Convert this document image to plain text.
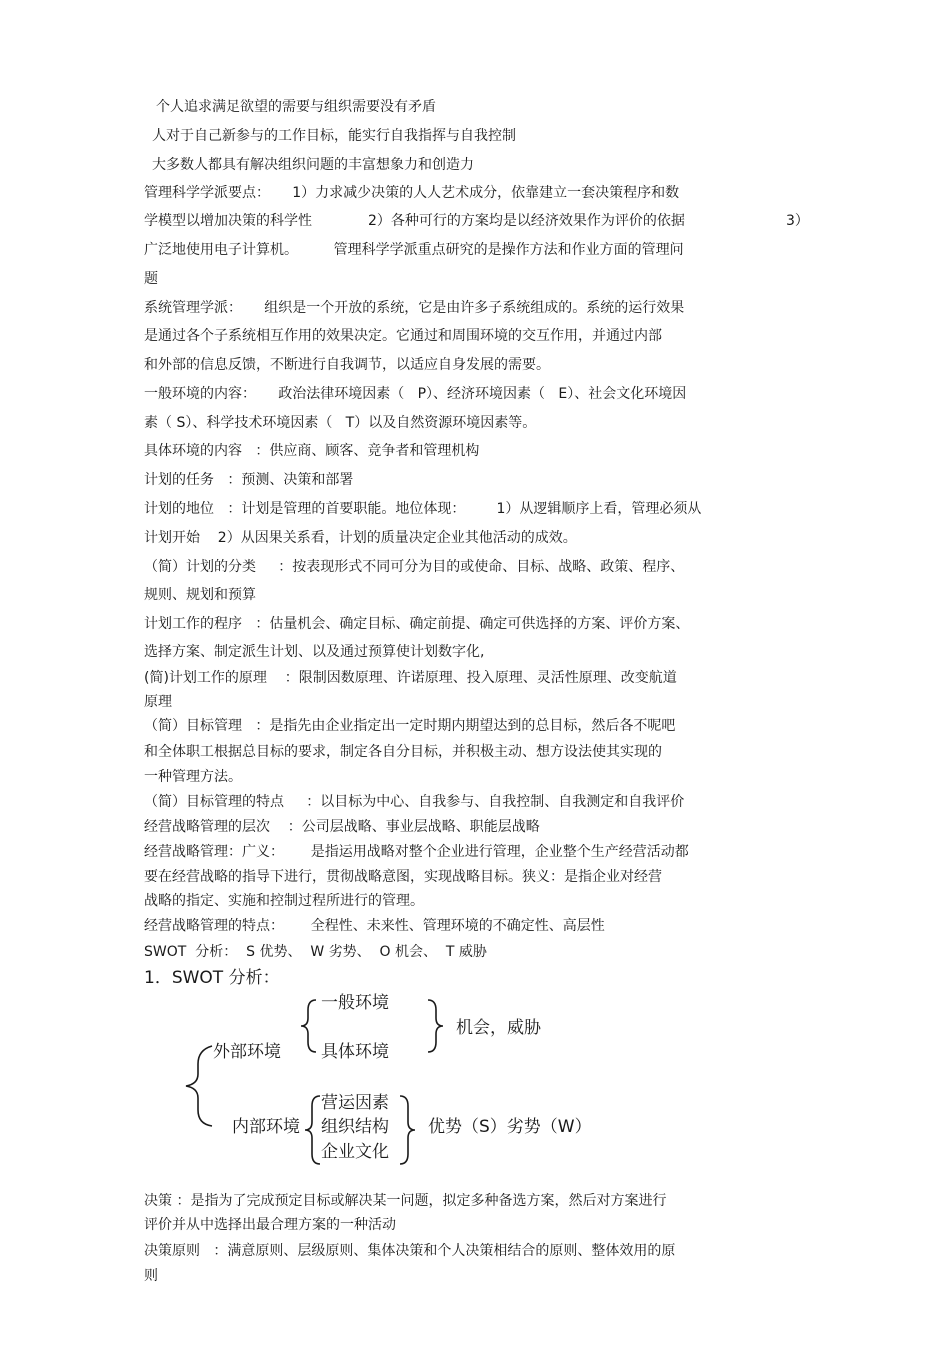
个人追求满足欲望的需要与组织需要没有矛盾
人对于自己新参与的工作目标，能实行自我指挥与自我控制
大多数人都具有解决组织问题的丰富想象力和创造力
管理科学学派要点：     1）力求减少决策的人人艺术成分，依靠建立一套决策程序和数
学模型以增加决策的科学性	2）各种可行的方案均是以经济效果作为评价的依据	3）
广泛地使用电子计算机。        管理科学学派重点研究的是操作方法和作业方面的管理问
题
系统管理学派：     组织是一个开放的系统，它是由许多子系统组成的。系统的运行效果
是通过各个子系统相互作用的效果决定。它通过和周围环境的交互作用，并通过内部
和外部的信息反馈，不断进行自我调节，以适应自身发展的需要。
一般环境的内容：     政治法律环境因素（   P）、经济环境因素（   E）、社会文化环境因
素（ S）、科学技术环境因素（   T）以及自然资源环境因素等。
具体环境的内容   ：供应商、顾客、竞争者和管理机构
计划的任务   ：预测、决策和部署
计划的地位   ：计划是管理的首要职能。地位体现：       1）从逻辑顺序上看，管理必须从
计划开始    2）从因果关系看，计划的质量决定企业其他活动的成效。
（简）计划的分类     ：按表现形式不同可分为目的或使命、目标、战略、政策、程序、
规则、规划和预算
计划工作的程序   ：估量机会、确定目标、确定前提、确定可供选择的方案、评价方案、
选择方案、制定派生计划、以及通过预算使计划数字化,
(简)计划工作的原理    ：限制因数原理、许诺原理、投入原理、灵活性原理、改变航道
原理
（简）目标管理   ：是指先由企业指定出一定时期内期望达到的总目标，然后各不呢吧
和全体职工根据总目标的要求，制定各自分目标，并积极主动、想方设法使其实现的
一种管理方法。
（简）目标管理的特点     ：以目标为中心、自我参与、自我控制、自我测定和自我评价
经营战略管理的层次    ：公司层战略、事业层战略、职能层战略
经营战略管理：广义：      是指运用战略对整个企业进行管理，企业整个生产经营活动都
要在经营战略的指导下进行，贯彻战略意图，实现战略目标。狭义：是指企业对经营
战略的指定、实施和控制过程所进行的管理。
经营战略管理的特点：      全程性、未来性、管理环境的不确定性、高层性
SWOT  分析：  S 优势、  W 劣势、  O 机会、  T 威胁
1．SWOT 分析：
一般环境
具体环境
机会，威胁
外部环境
内部环境
营运因素
组织结构
企业文化
优势（S）劣势（W）
决策 ：是指为了完成预定目标或解决某一问题，拟定多种备选方案，然后对方案进行
评价并从中选择出最合理方案的一种活动
决策原则   ：满意原则、层级原则、集体决策和个人决策相结合的原则、整体效用的原
则
